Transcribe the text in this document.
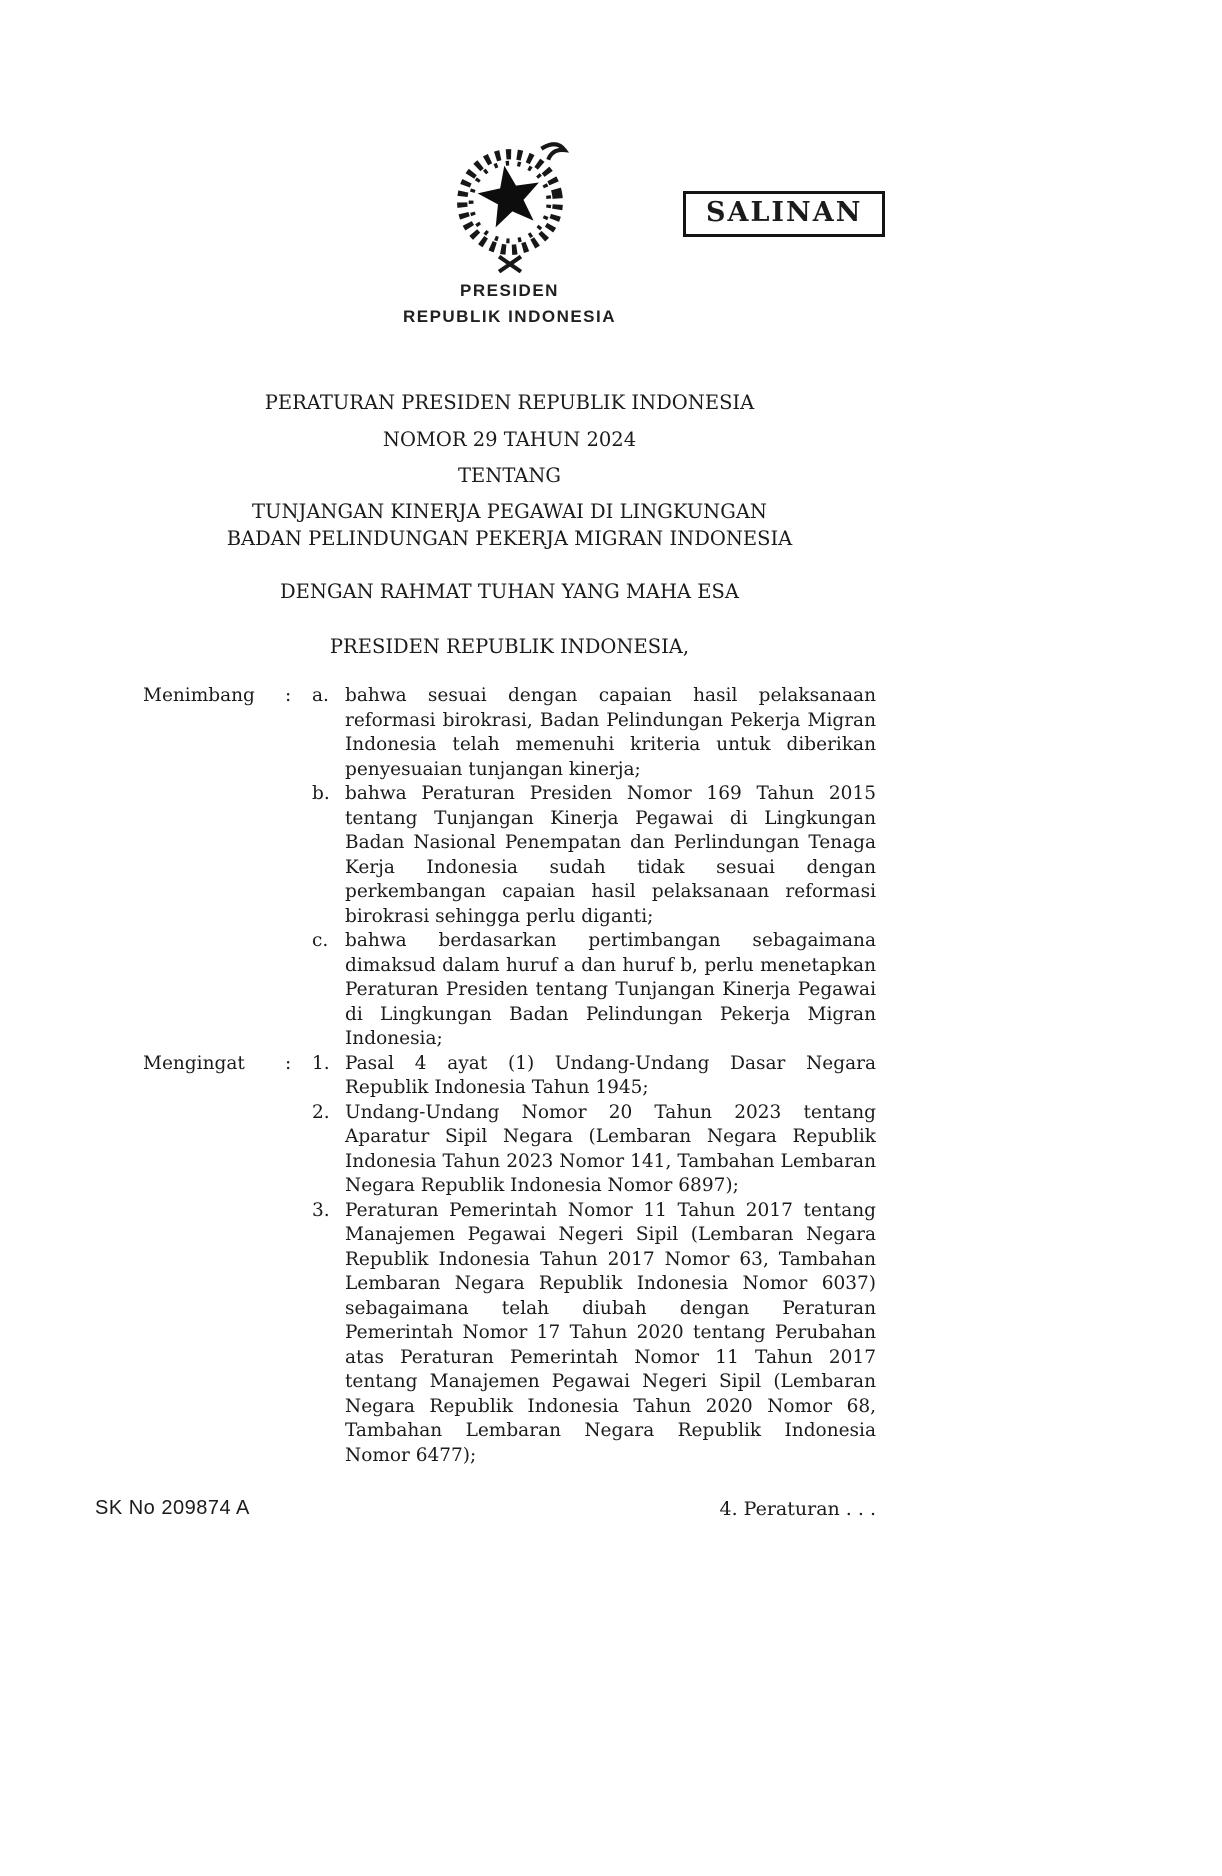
SALINAN
PRESIDEN
REPUBLIK INDONESIA
PERATURAN PRESIDEN REPUBLIK INDONESIA
NOMOR 29 TAHUN 2024
TENTANG
TUNJANGAN KINERJA PEGAWAI DI LINGKUNGAN
BADAN PELINDUNGAN PEKERJA MIGRAN INDONESIA
DENGAN RAHMAT TUHAN YANG MAHA ESA
PRESIDEN REPUBLIK INDONESIA,
Menimbang	:	a. bahwa sesuai dengan capaian hasil pelaksanaan reformasi birokrasi, Badan Pelindungan Pekerja Migran Indonesia telah memenuhi kriteria untuk diberikan penyesuaian tunjangan kinerja;
b. bahwa Peraturan Presiden Nomor 169 Tahun 2015 tentang Tunjangan Kinerja Pegawai di Lingkungan Badan Nasional Penempatan dan Perlindungan Tenaga Kerja Indonesia sudah tidak sesuai dengan perkembangan capaian hasil pelaksanaan reformasi birokrasi sehingga perlu diganti;
c. bahwa berdasarkan pertimbangan sebagaimana dimaksud dalam huruf a dan huruf b, perlu menetapkan Peraturan Presiden tentang Tunjangan Kinerja Pegawai di Lingkungan Badan Pelindungan Pekerja Migran Indonesia;
Mengingat	:	1. Pasal 4 ayat (1) Undang-Undang Dasar Negara Republik Indonesia Tahun 1945;
2. Undang-Undang Nomor 20 Tahun 2023 tentang Aparatur Sipil Negara (Lembaran Negara Republik Indonesia Tahun 2023 Nomor 141, Tambahan Lembaran Negara Republik Indonesia Nomor 6897);
3. Peraturan Pemerintah Nomor 11 Tahun 2017 tentang Manajemen Pegawai Negeri Sipil (Lembaran Negara Republik Indonesia Tahun 2017 Nomor 63, Tambahan Lembaran Negara Republik Indonesia Nomor 6037) sebagaimana telah diubah dengan Peraturan Pemerintah Nomor 17 Tahun 2020 tentang Perubahan atas Peraturan Pemerintah Nomor 11 Tahun 2017 tentang Manajemen Pegawai Negeri Sipil (Lembaran Negara Republik Indonesia Tahun 2020 Nomor 68, Tambahan Lembaran Negara Republik Indonesia Nomor 6477);
4. Peraturan . . .
SK No 209874 A
